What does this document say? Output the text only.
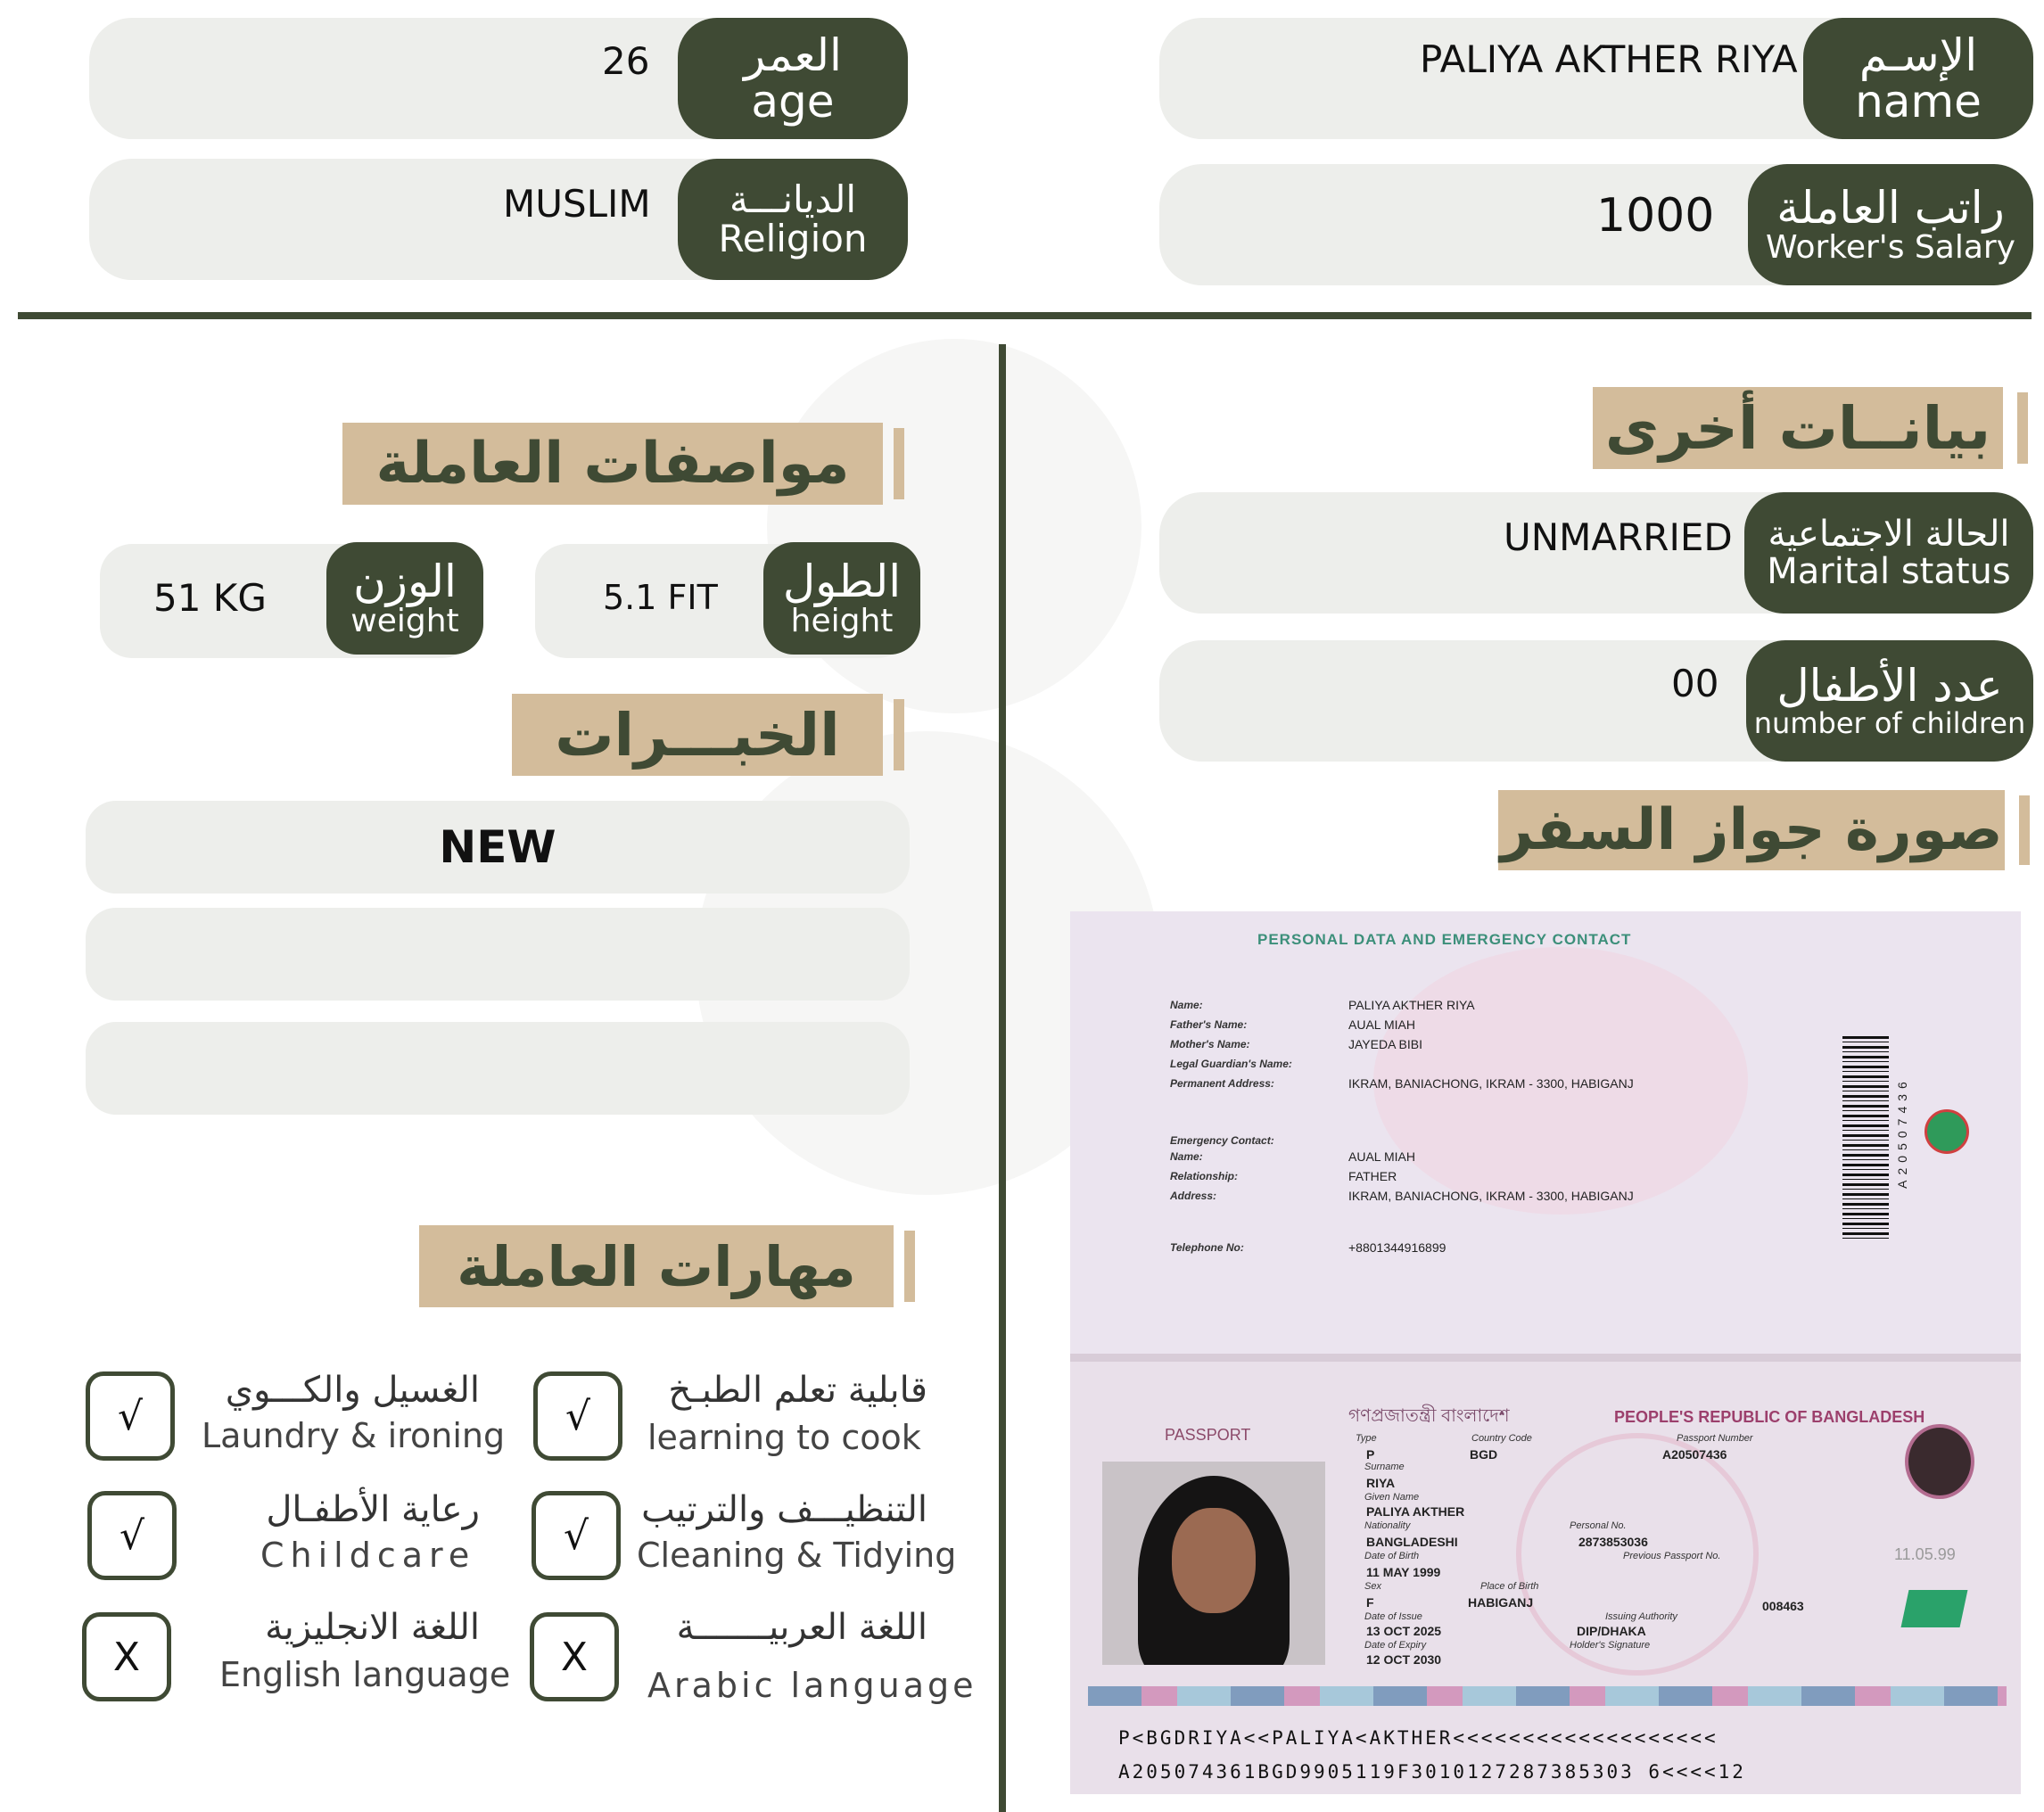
PALIYA AKTHER RIYA الإسـم
name
26 العمر
age
1000 راتب العاملة
Worker's Salary
MUSLIM الديانـــة
Religion
بيانــات أخرى
UNMARRIED الحالة الاجتماعية
Marital status
00 عدد الأطفال
number of children
صورة جواز السفر
مواصفات العاملة
51 KG الوزن
weight
5.1 FIT الطول
height
الخبـــرات
NEW
مهارات العاملة
√
الغسيل والكـــوي
Laundry & ironing √
قابلية تعلم الطبـخ
learning to cook
√
رعاية الأطفـال
Childcare √
التنظيـــف والترتيب
Cleaning & Tidying
X
اللغة الانجليزية
English language X
اللغة العربيـــــــة
Arabic language
PERSONAL DATA AND EMERGENCY CONTACT
Name:	PALIYA AKTHER RIYA
Father's Name:	AUAL MIAH
Mother's Name:	JAYEDA BIBI
Legal Guardian's Name:
Permanent Address:	IKRAM, BANIACHONG, IKRAM - 3300, HABIGANJ
Emergency Contact:
Name:	AUAL MIAH
Relationship:	FATHER
Address:	IKRAM, BANIACHONG, IKRAM - 3300, HABIGANJ
Telephone No:	+8801344916899
A20507436
গণপ্রজাতন্ত্রী বাংলাদেশ	PEOPLE'S REPUBLIC OF BANGLADESH
PASSPORT	Type
P
Country Code
BGD
Passport Number
A20507436
Surname
RIYA
Given Name
PALIYA AKTHER
Nationality
BANGLADESHI
Personal No.
2873853036
Date of Birth
11 MAY 1999
Previous Passport No.
Sex
F
Place of Birth
HABIGANJ	008463
Date of Issue
13 OCT 2025
Issuing Authority
DIP/DHAKA
Date of Expiry
12 OCT 2030
Holder's Signature
11.05.99
P<BGDRIYA<<PALIYA<AKTHER<<<<<<<<<<<<<<<<<<<
A205074361BGD9905119F3010127287385303 6<<<<12
